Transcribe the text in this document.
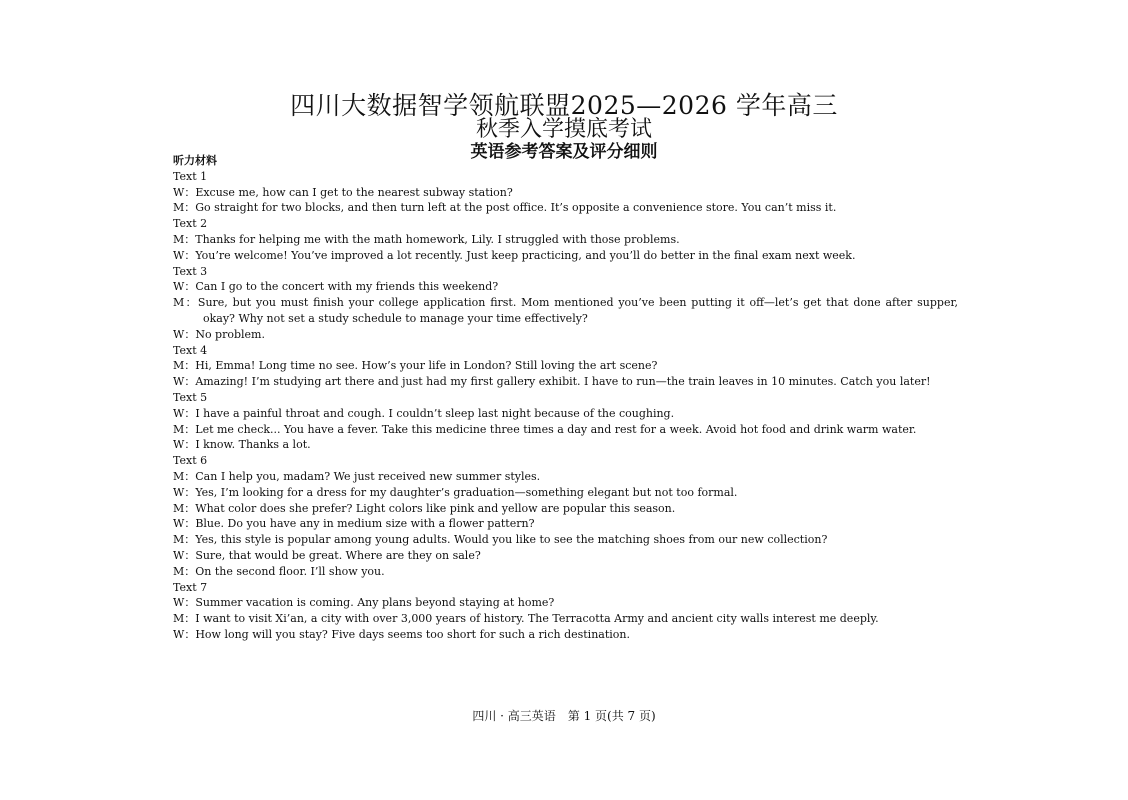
四川大数据智学领航联盟2025—2026 学年高三
秋季入学摸底考试
英语参考答案及评分细则
听力材料
Text 1
W：Excuse me, how can I get to the nearest subway station?
M：Go straight for two blocks, and then turn left at the post office. It’s opposite a convenience store. You can’t miss it.
Text 2
M：Thanks for helping me with the math homework, Lily. I struggled with those problems.
W：You’re welcome! You’ve improved a lot recently. Just keep practicing, and you’ll do better in the final exam next week.
Text 3
W：Can I go to the concert with my friends this weekend?
M：Sure, but you must finish your college application first. Mom mentioned you’ve been putting it off—let’s get that done after supper, okay? Why not set a study schedule to manage your time effectively?
W：No problem.
Text 4
M：Hi, Emma! Long time no see. How’s your life in London? Still loving the art scene?
W：Amazing! I’m studying art there and just had my first gallery exhibit. I have to run—the train leaves in 10 minutes. Catch you later!
Text 5
W：I have a painful throat and cough. I couldn’t sleep last night because of the coughing.
M：Let me check... You have a fever. Take this medicine three times a day and rest for a week. Avoid hot food and drink warm water.
W：I know. Thanks a lot.
Text 6
M：Can I help you, madam? We just received new summer styles.
W：Yes, I’m looking for a dress for my daughter’s graduation—something elegant but not too formal.
M：What color does she prefer? Light colors like pink and yellow are popular this season.
W：Blue. Do you have any in medium size with a flower pattern?
M：Yes, this style is popular among young adults. Would you like to see the matching shoes from our new collection?
W：Sure, that would be great. Where are they on sale?
M：On the second floor. I’ll show you.
Text 7
W：Summer vacation is coming. Any plans beyond staying at home?
M：I want to visit Xi’an, a city with over 3,000 years of history. The Terracotta Army and ancient city walls interest me deeply.
W：How long will you stay? Five days seems too short for such a rich destination.
四川 · 高三英语　第 1 页(共 7 页)
